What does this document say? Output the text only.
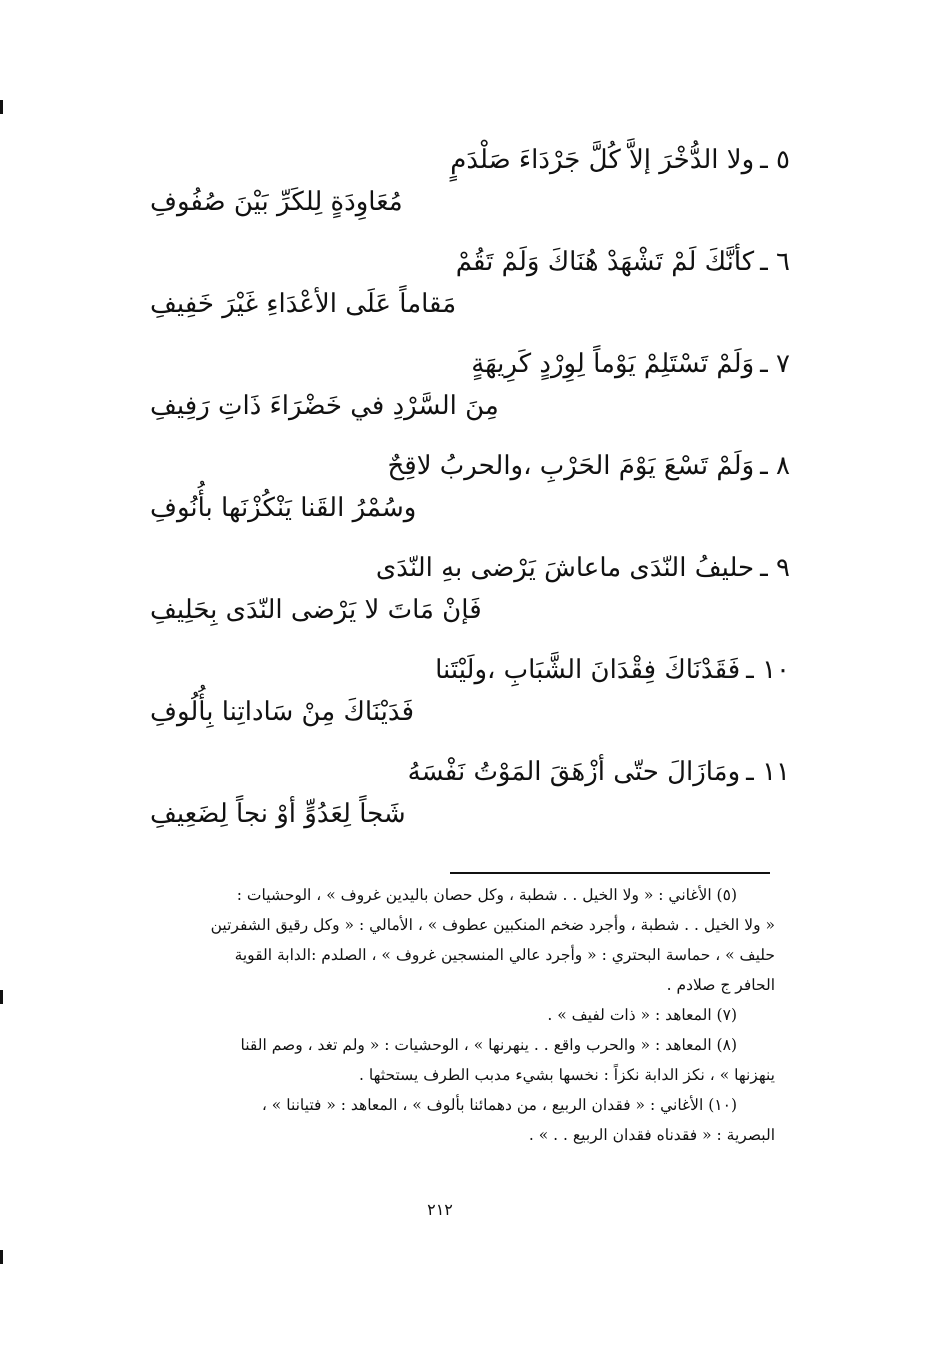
٥ ـولا الدُّخْرَ إلاَّ كُلَّ جَرْدَاءَ صَلْدَمٍ
مُعَاوِدَةٍ لِلكَرِّ بَيْنَ صُفُوفِ
٦ ـكأنَّكَ لَمْ تَشْهَدْ هُنَاكَ وَلَمْ تَقُمْ
مَقاماً عَلَى الأعْدَاءِ غَيْرَ خَفِيفِ
٧ ـوَلَمْ تَسْتَلِمْ يَوْماً لِوِرْدٍ كَرِيهَةٍ
مِنَ السَّرْدِ في خَضْرَاءَ ذَاتِ رَفِيفِ
٨ ـوَلَمْ تَسْعَ يَوْمَ الحَرْبِ ،والحربُ لاقِحٌ
وسُمْرُ القَنا يَنْكُزْنَها بأُنُوفِ
٩ ـحليفُ النّدَى ماعاشَ يَرْضى بهِ النّدَى
فَإنْ مَاتَ لا يَرْضى النّدَى بِحَلِيفِ
١٠ ـفَقَدْنَاكَ فِقْدَانَ الشَّبَابِ ،ولَيْتَنا
فَدَيْنَاكَ مِنْ سَاداتِنا بِأُلُوفِ
١١ ـومَازَالَ حتّى أزْهَقَ المَوْتُ نَفْسَهُ
شَجاً لِعَدُوٍّ أوْ نجاً لِضَعِيفِ
(٥) الأغاني : « ولا الخيل . . شطبة ، وكل حصان باليدين غروف » ، الوحشيات :
« ولا الخيل . . شطبة ، وأجرد ضخم المنكبين عطوف » ، الأمالي : « وكل رقيق الشفرتين
حليف » ، حماسة البحتري : « وأجرد عالي المنسجين غروف » ، الصلدم :الدابة القوية
الحافر ج صلادم .
(٧) المعاهد : « ذات لفيف » .
(٨) المعاهد : « والحرب واقع . . ينهرنها » ، الوحشيات : « ولم تغد ، وصم القنا
ينهزنها » ، نكز الدابة نكزاً : نخسها بشيء مدبب الطرف يستحثها .
(١٠) الأغاني : « فقدان الربيع ، من دهمائنا بألوف » ، المعاهد : « فتياننا » ،
البصرية : « فقدناه فقدان الربيع . . » .
٢١٢
